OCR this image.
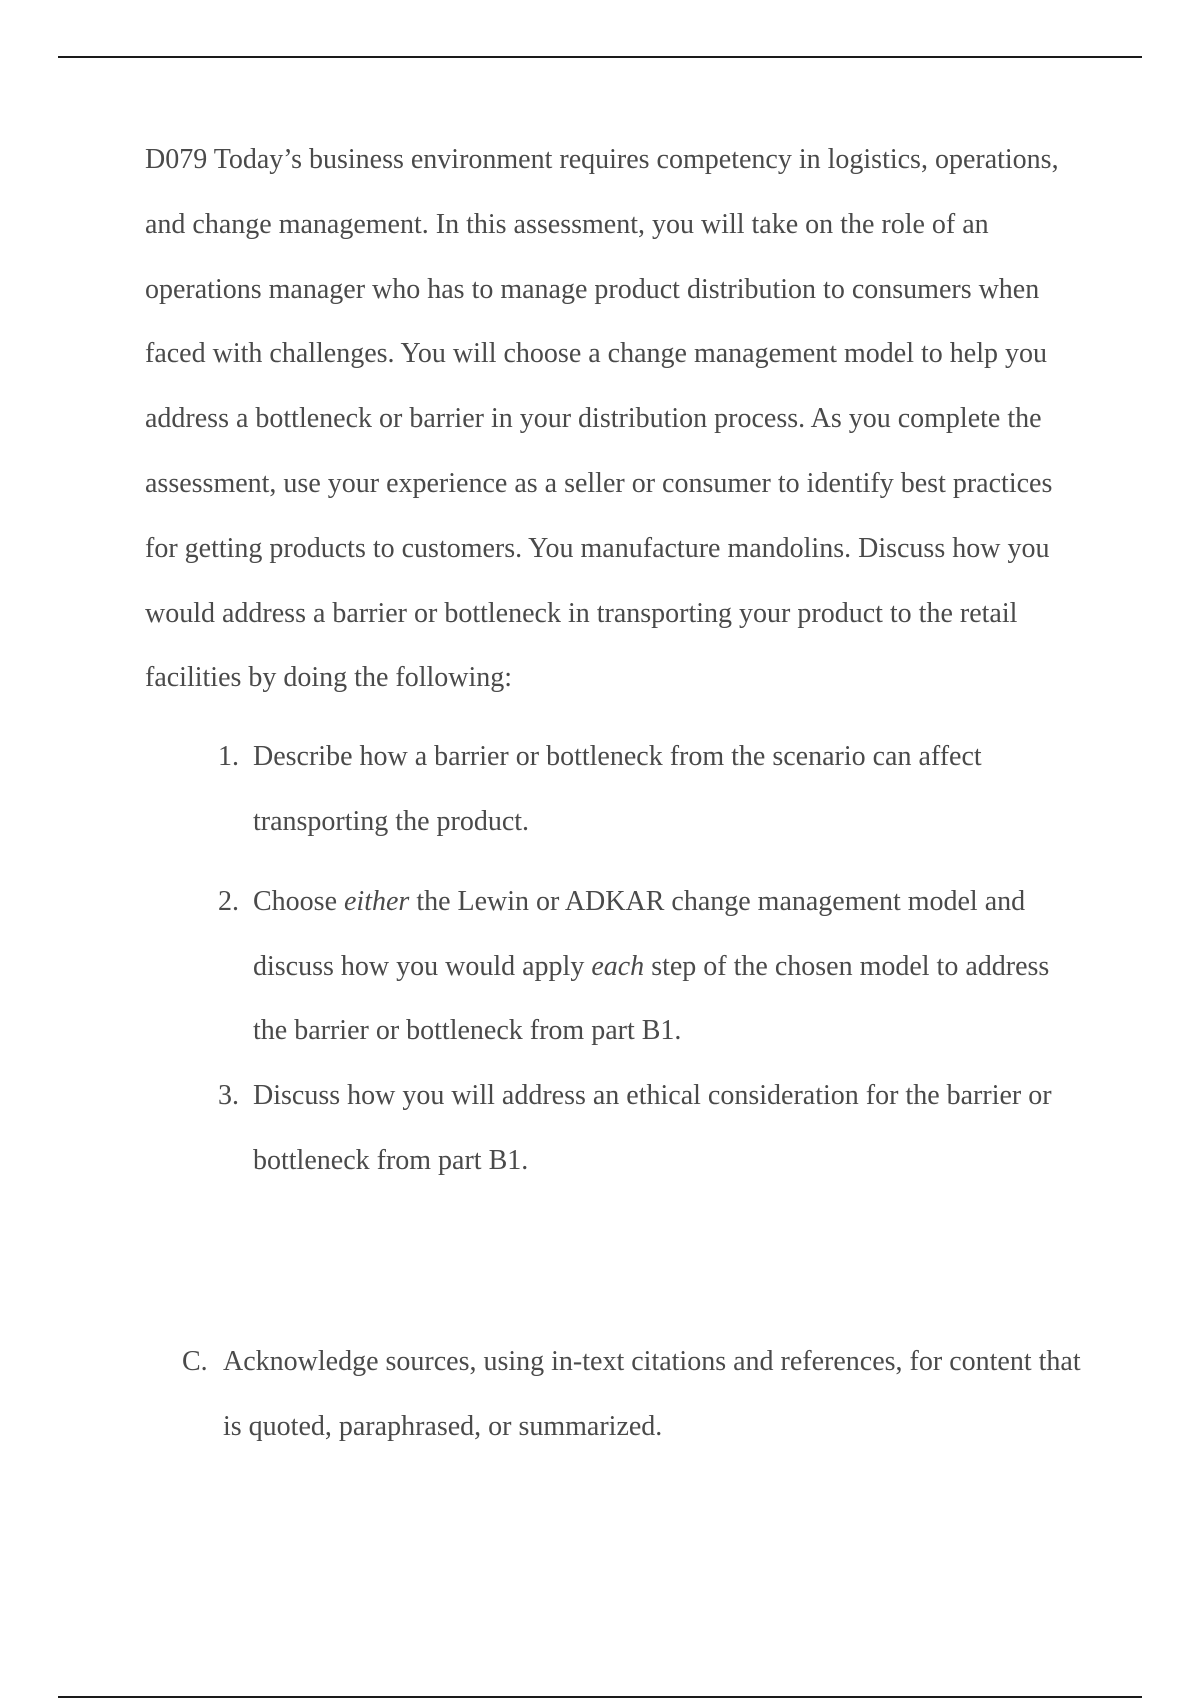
D079 Today’s business environment requires competency in logistics, operations, and change management. In this assessment, you will take on the role of an operations manager who has to manage product distribution to consumers when faced with challenges. You will choose a change management model to help you address a bottleneck or barrier in your distribution process. As you complete the assessment, use your experience as a seller or consumer to identify best practices for getting products to customers. You manufacture mandolins. Discuss how you would address a barrier or bottleneck in transporting your product to the retail facilities by doing the following:

1. Describe how a barrier or bottleneck from the scenario can affect transporting the product.
2. Choose either the Lewin or ADKAR change management model and discuss how you would apply each step of the chosen model to address the barrier or bottleneck from part B1.
3. Discuss how you will address an ethical consideration for the barrier or bottleneck from part B1.

C. Acknowledge sources, using in-text citations and references, for content that is quoted, paraphrased, or summarized.
